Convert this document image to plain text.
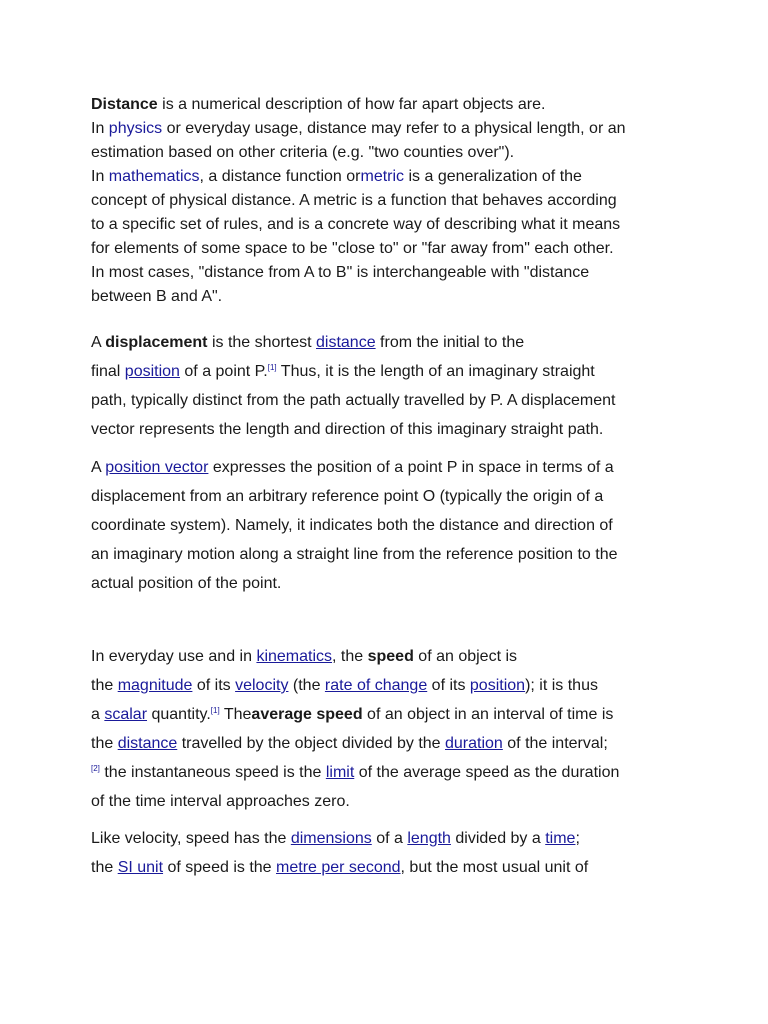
Distance is a numerical description of how far apart objects are.
In physics or everyday usage, distance may refer to a physical length, or an
estimation based on other criteria (e.g. "two counties over").
In mathematics, a distance function ormetric is a generalization of the
concept of physical distance. A metric is a function that behaves according
to a specific set of rules, and is a concrete way of describing what it means
for elements of some space to be "close to" or "far away from" each other.
In most cases, "distance from A to B" is interchangeable with "distance
between B and A".
A displacement is the shortest distance from the initial to the
final position of a point P.[1] Thus, it is the length of an imaginary straight
path, typically distinct from the path actually travelled by P. A displacement
vector represents the length and direction of this imaginary straight path.
A position vector expresses the position of a point P in space in terms of a
displacement from an arbitrary reference point O (typically the origin of a
coordinate system). Namely, it indicates both the distance and direction of
an imaginary motion along a straight line from the reference position to the
actual position of the point.
In everyday use and in kinematics, the speed of an object is
the magnitude of its velocity (the rate of change of its position); it is thus
a scalar quantity.[1] Theaverage speed of an object in an interval of time is
the distance travelled by the object divided by the duration of the interval;
[2] the instantaneous speed is the limit of the average speed as the duration
of the time interval approaches zero.
Like velocity, speed has the dimensions of a length divided by a time;
the SI unit of speed is the metre per second, but the most usual unit of
